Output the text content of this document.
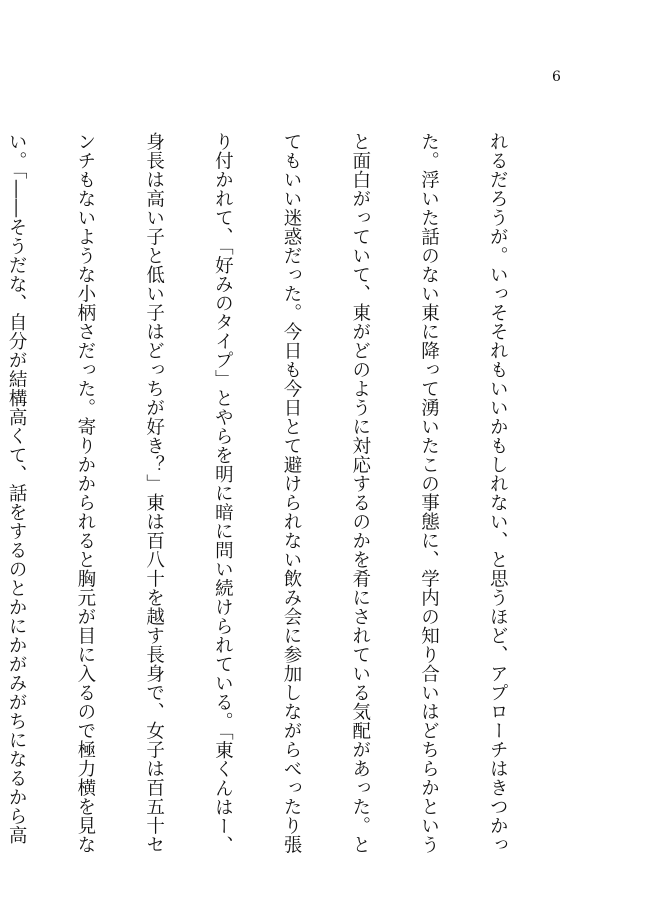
6

れるだろうが。いっそそれもいいかもしれない、と思うほど、アプローチはきつかっ

た。浮いた話のない東に降って湧いたこの事態に、学内の知り合いはどちらかという

と面白がっていて、東がどのように対応するのかを肴にされている気配があった。と

てもいい迷惑だった。今日も今日とて避けられない飲み会に参加しながらべったり張

り付かれて、「好みのタイプ」とやらを明に暗に問い続けられている。「東くんはー、

身長は高い子と低い子はどっちが好き？」東は百八十を越す長身で、女子は百五十セ

ンチもないような小柄さだった。寄りかかられると胸元が目に入るので極力横を見な

い。「――そうだな、自分が結構高くて、話をするのとかにかがみがちになるから高
